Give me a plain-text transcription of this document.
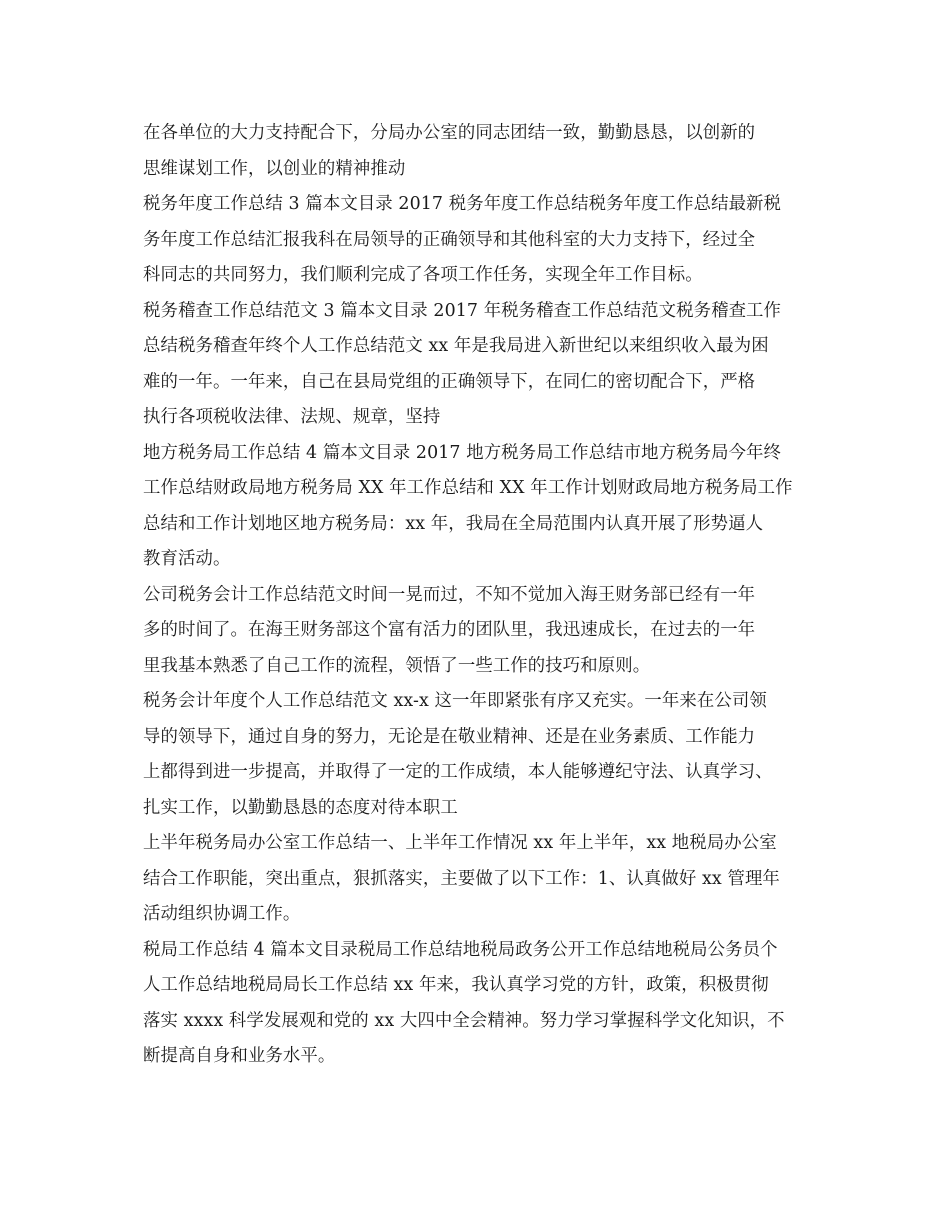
在各单位的大力支持配合下，分局办公室的同志团结一致，勤勤恳恳，以创新的
思维谋划工作，以创业的精神推动
税务年度工作总结 3 篇本文目录 2017 税务年度工作总结税务年度工作总结最新税
务年度工作总结汇报我科在局领导的正确领导和其他科室的大力支持下，经过全
科同志的共同努力，我们顺利完成了各项工作任务，实现全年工作目标。
税务稽查工作总结范文 3 篇本文目录 2017 年税务稽查工作总结范文税务稽查工作
总结税务稽查年终个人工作总结范文 xx 年是我局进入新世纪以来组织收入最为困
难的一年。一年来，自己在县局党组的正确领导下，在同仁的密切配合下，严格
执行各项税收法律、法规、规章，坚持
地方税务局工作总结 4 篇本文目录 2017 地方税务局工作总结市地方税务局今年终
工作总结财政局地方税务局 XX 年工作总结和 XX 年工作计划财政局地方税务局工作
总结和工作计划地区地方税务局：xx 年，我局在全局范围内认真开展了形势逼人
教育活动。
公司税务会计工作总结范文时间一晃而过，不知不觉加入海王财务部已经有一年
多的时间了。在海王财务部这个富有活力的团队里，我迅速成长，在过去的一年
里我基本熟悉了自己工作的流程，领悟了一些工作的技巧和原则。
税务会计年度个人工作总结范文 xx-x 这一年即紧张有序又充实。一年来在公司领
导的领导下，通过自身的努力，无论是在敬业精神、还是在业务素质、工作能力
上都得到进一步提高，并取得了一定的工作成绩，本人能够遵纪守法、认真学习、
扎实工作，以勤勤恳恳的态度对待本职工
上半年税务局办公室工作总结一、上半年工作情况 xx 年上半年，xx 地税局办公室
结合工作职能，突出重点，狠抓落实，主要做了以下工作：1、认真做好 xx 管理年
活动组织协调工作。
税局工作总结 4 篇本文目录税局工作总结地税局政务公开工作总结地税局公务员个
人工作总结地税局局长工作总结 xx 年来，我认真学习党的方针，政策，积极贯彻
落实 xxxx 科学发展观和党的 xx 大四中全会精神。努力学习掌握科学文化知识，不
断提高自身和业务水平。
